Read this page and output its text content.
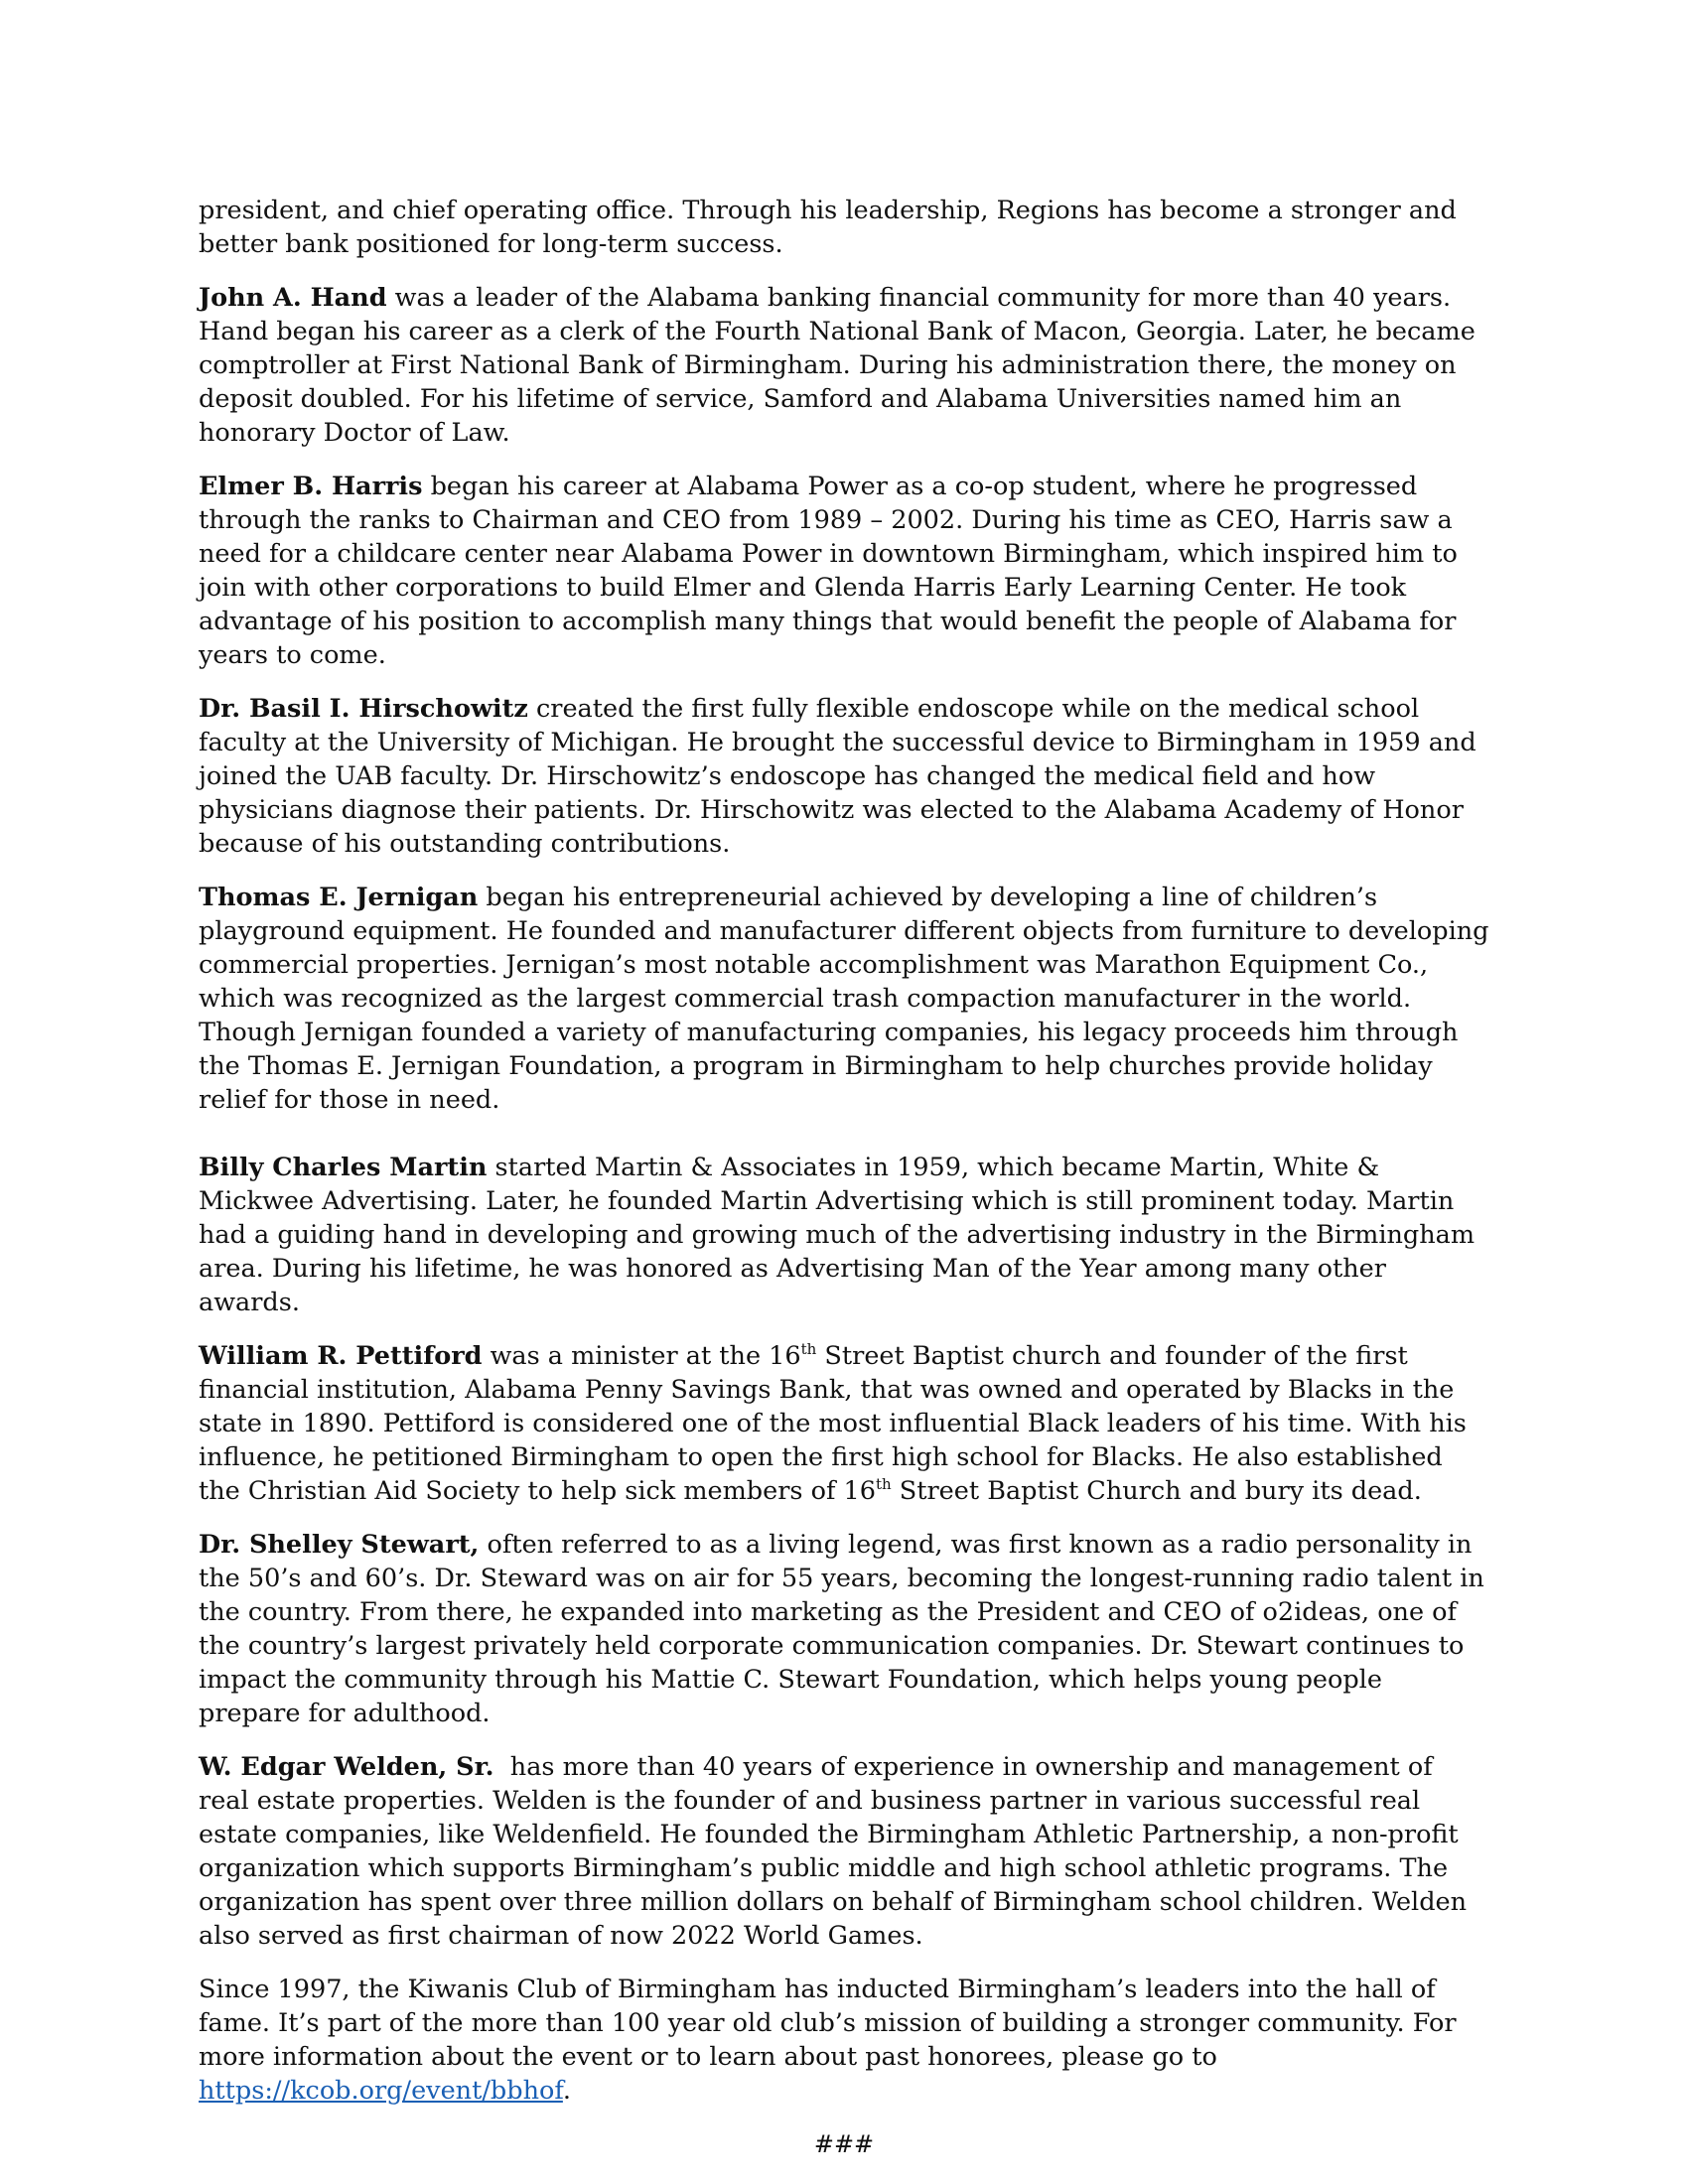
president, and chief operating office. Through his leadership, Regions has become a stronger and better bank positioned for long-term success.

John A. Hand was a leader of the Alabama banking financial community for more than 40 years. Hand began his career as a clerk of the Fourth National Bank of Macon, Georgia. Later, he became comptroller at First National Bank of Birmingham. During his administration there, the money on deposit doubled. For his lifetime of service, Samford and Alabama Universities named him an honorary Doctor of Law.

Elmer B. Harris began his career at Alabama Power as a co-op student, where he progressed through the ranks to Chairman and CEO from 1989 – 2002. During his time as CEO, Harris saw a need for a childcare center near Alabama Power in downtown Birmingham, which inspired him to join with other corporations to build Elmer and Glenda Harris Early Learning Center. He took advantage of his position to accomplish many things that would benefit the people of Alabama for years to come.

Dr. Basil I. Hirschowitz created the first fully flexible endoscope while on the medical school faculty at the University of Michigan. He brought the successful device to Birmingham in 1959 and joined the UAB faculty. Dr. Hirschowitz’s endoscope has changed the medical field and how physicians diagnose their patients. Dr. Hirschowitz was elected to the Alabama Academy of Honor because of his outstanding contributions.

Thomas E. Jernigan began his entrepreneurial achieved by developing a line of children’s playground equipment. He founded and manufacturer different objects from furniture to developing commercial properties. Jernigan’s most notable accomplishment was Marathon Equipment Co., which was recognized as the largest commercial trash compaction manufacturer in the world. Though Jernigan founded a variety of manufacturing companies, his legacy proceeds him through the Thomas E. Jernigan Foundation, a program in Birmingham to help churches provide holiday relief for those in need.

Billy Charles Martin started Martin & Associates in 1959, which became Martin, White & Mickwee Advertising. Later, he founded Martin Advertising which is still prominent today. Martin had a guiding hand in developing and growing much of the advertising industry in the Birmingham area. During his lifetime, he was honored as Advertising Man of the Year among many other awards.

William R. Pettiford was a minister at the 16th Street Baptist church and founder of the first financial institution, Alabama Penny Savings Bank, that was owned and operated by Blacks in the state in 1890. Pettiford is considered one of the most influential Black leaders of his time. With his influence, he petitioned Birmingham to open the first high school for Blacks. He also established the Christian Aid Society to help sick members of 16th Street Baptist Church and bury its dead.

Dr. Shelley Stewart, often referred to as a living legend, was first known as a radio personality in the 50’s and 60’s. Dr. Steward was on air for 55 years, becoming the longest-running radio talent in the country. From there, he expanded into marketing as the President and CEO of o2ideas, one of the country’s largest privately held corporate communication companies. Dr. Stewart continues to impact the community through his Mattie C. Stewart Foundation, which helps young people prepare for adulthood.

W. Edgar Welden, Sr.  has more than 40 years of experience in ownership and management of real estate properties. Welden is the founder of and business partner in various successful real estate companies, like Weldenfield. He founded the Birmingham Athletic Partnership, a non-profit organization which supports Birmingham’s public middle and high school athletic programs. The organization has spent over three million dollars on behalf of Birmingham school children. Welden also served as first chairman of now 2022 World Games.

Since 1997, the Kiwanis Club of Birmingham has inducted Birmingham’s leaders into the hall of fame. It’s part of the more than 100 year old club’s mission of building a stronger community. For more information about the event or to learn about past honorees, please go to https://kcob.org/event/bbhof.

###
